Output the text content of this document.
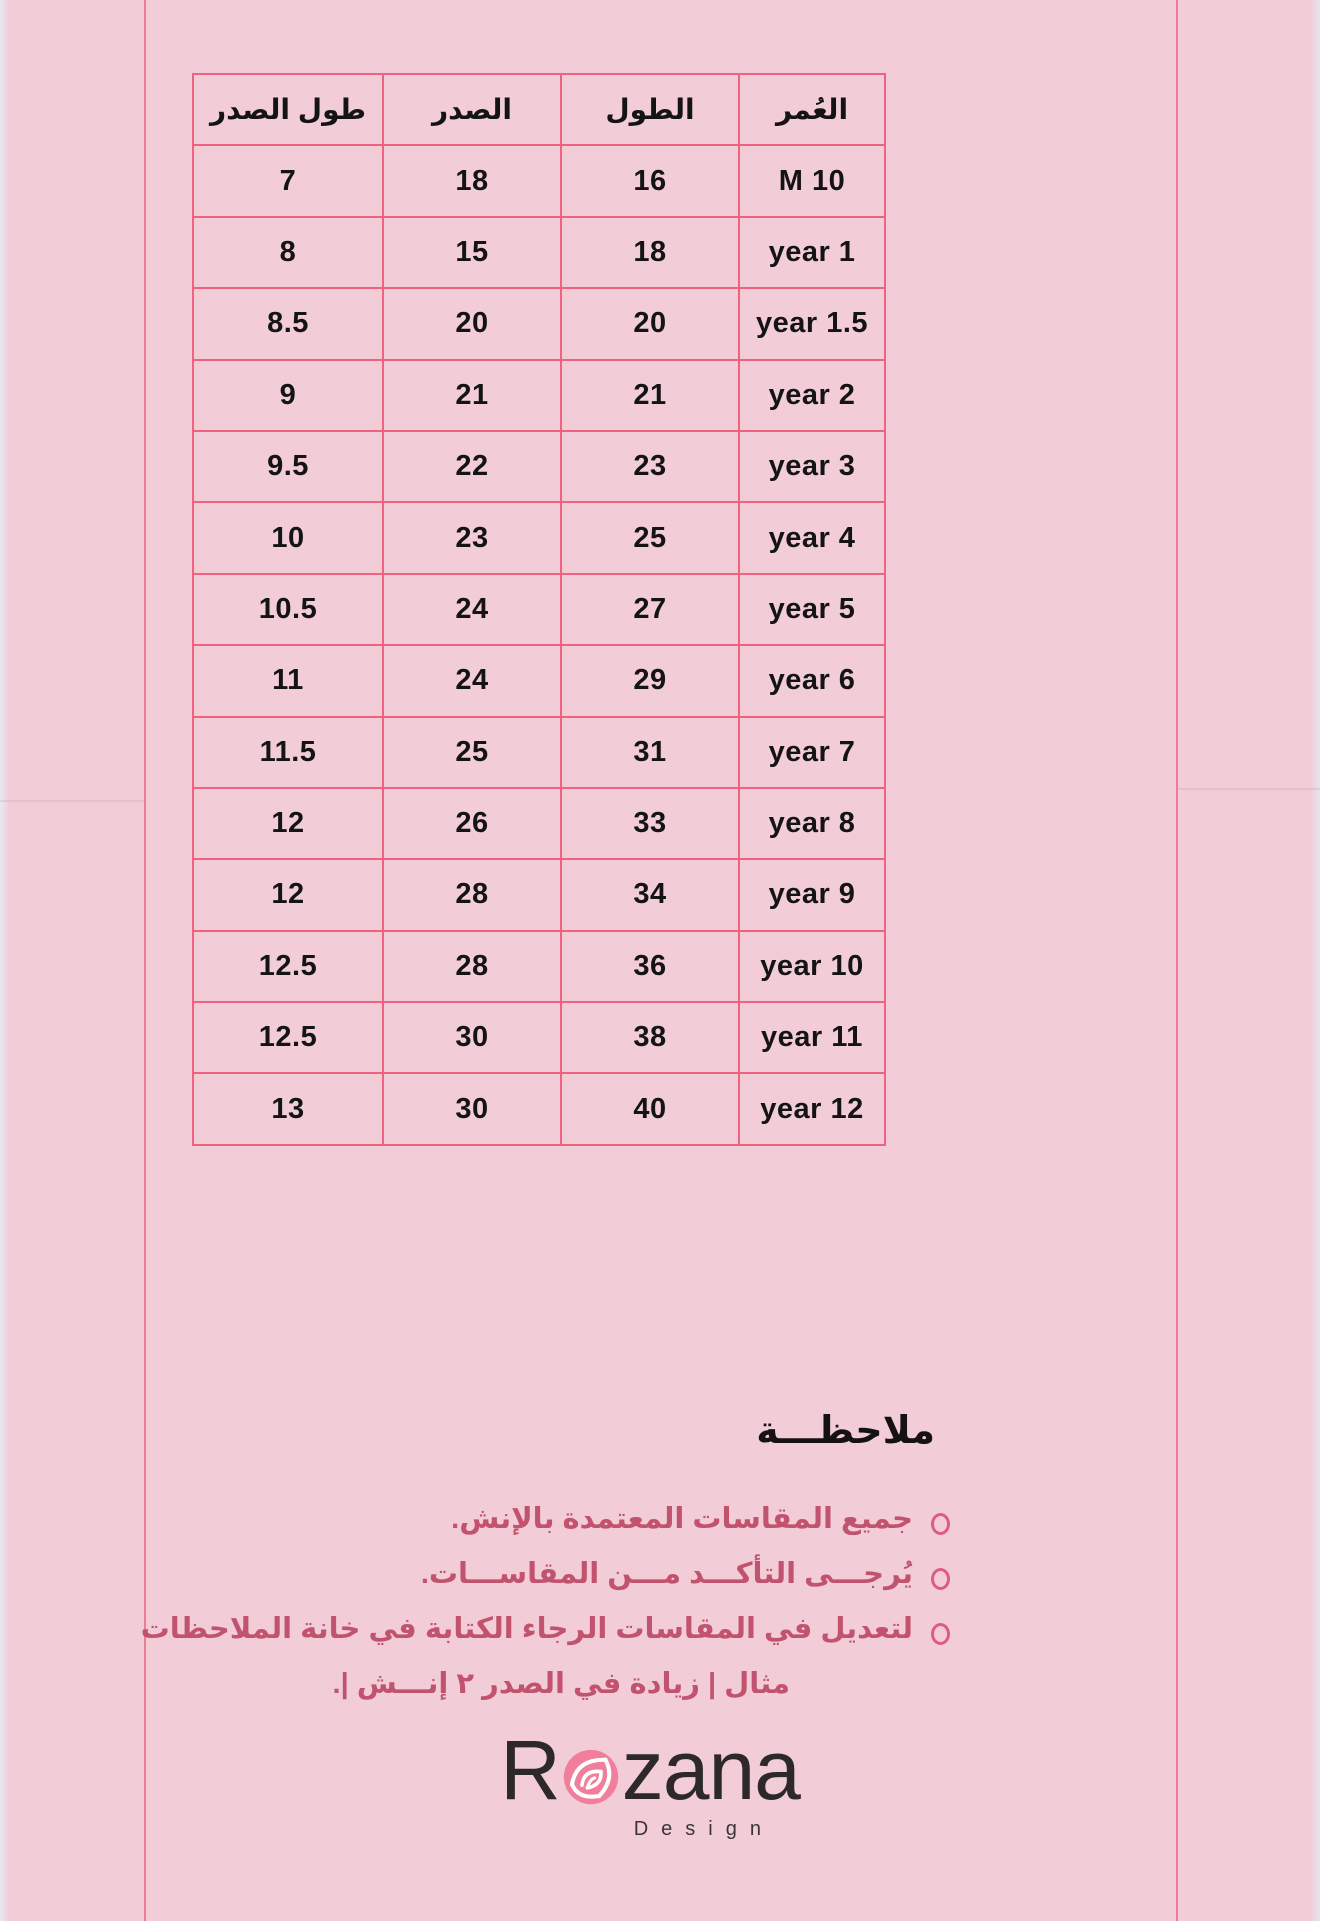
العُمر	الطول	الصدر	طول الصدر
10 M	16	18	7
1 year	18	15	8
1.5 year	20	20	8.5
2 year	21	21	9
3 year	23	22	9.5
4 year	25	23	10
5 year	27	24	10.5
6 year	29	24	11
7 year	31	25	11.5
8 year	33	26	12
9 year	34	28	12
10 year	36	28	12.5
11 year	38	30	12.5
12 year	40	30	13
ملاحظـــة
جميع المقاسات المعتمدة بالإنش.
يُرجـــى التأكـــد مـــن المقاســـات.
لتعديل في المقاسات الرجاء الكتابة في خانة الملاحظات
مثال | زيادة في الصدر ٢ إنـــش |.
R zana
Design
